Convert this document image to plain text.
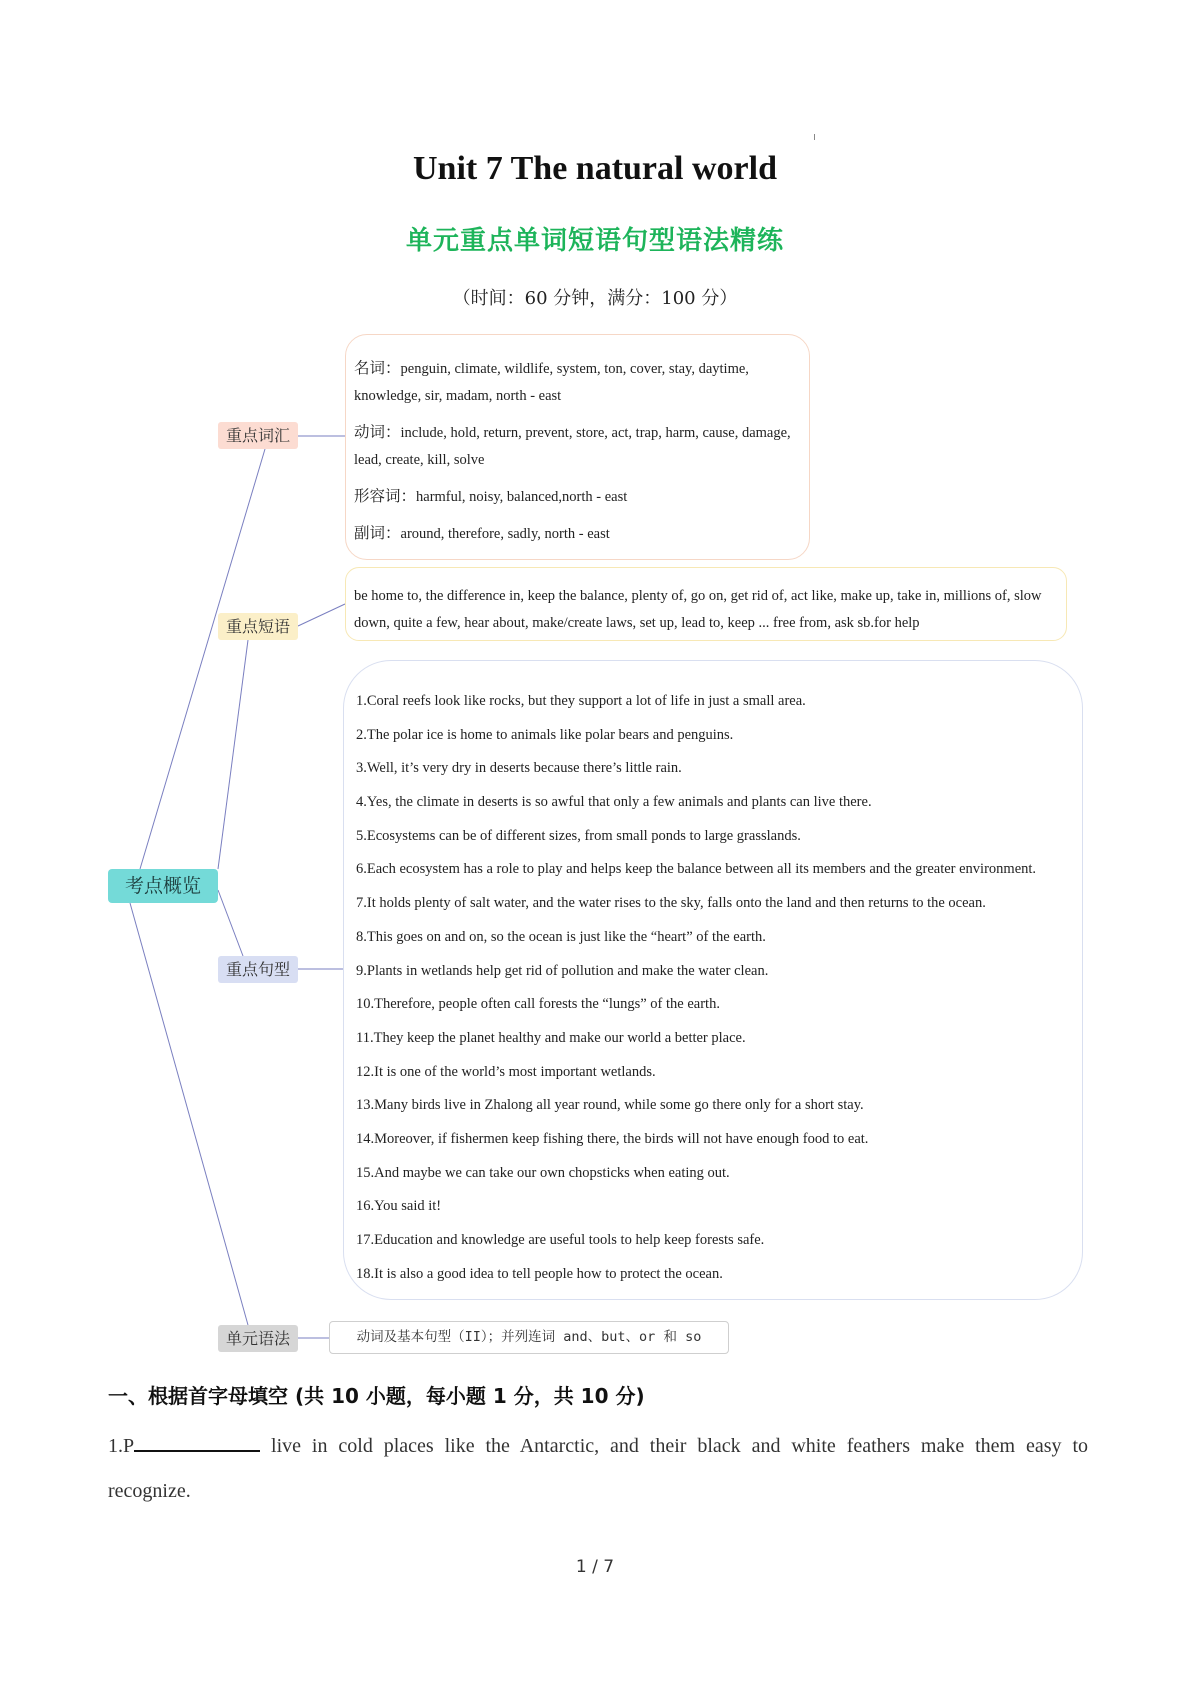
Unit 7 The natural world
单元重点单词短语句型语法精练
（时间：60 分钟，满分：100 分）
考点概览
重点词汇
重点短语
重点句型
单元语法

名词：penguin, climate, wildlife, system, ton, cover, stay, daytime,

knowledge, sir, madam, north - east

动词：include, hold, return, prevent, store, act, trap, harm, cause, damage,

lead, create, kill, solve

形容词：harmful, noisy, balanced,north - east

副词：around, therefore, sadly, north - east

be home to, the difference in, keep the balance, plenty of, go on, get rid of, act like, make up, take in, millions of, slow
down, quite a few, hear about, make/create laws, set up, lead to, keep ... free from, ask sb.for help
1.Coral reefs look like rocks, but they support a lot of life in just a small area.
2.The polar ice is home to animals like polar bears and penguins.
3.Well, it’s very dry in deserts because there’s little rain.
4.Yes, the climate in deserts is so awful that only a few animals and plants can live there.
5.Ecosystems can be of different sizes, from small ponds to large grasslands.
6.Each ecosystem has a role to play and helps keep the balance between all its members and the greater environment.
7.It holds plenty of salt water, and the water rises to the sky, falls onto the land and then returns to the ocean.
8.This goes on and on, so the ocean is just like the “heart” of the earth.
9.Plants in wetlands help get rid of pollution and make the water clean.
10.Therefore, people often call forests the “lungs” of the earth.
11.They keep the planet healthy and make our world a better place.
12.It is one of the world’s most important wetlands.
13.Many birds live in Zhalong all year round, while some go there only for a short stay.
14.Moreover, if fishermen keep fishing there, the birds will not have enough food to eat.
15.And maybe we can take our own chopsticks when eating out.
16.You said it!
17.Education and knowledge are useful tools to help keep forests safe.
18.It is also a good idea to tell people how to protect the ocean.
动词及基本句型（II）；并列连词 and、but、or 和 so
一、根据首字母填空 (共 10 小题，每小题 1 分，共 10 分)
1.P	live in cold places like the Antarctic, and their black and white feathers make them easy to
recognize.
1 / 7
